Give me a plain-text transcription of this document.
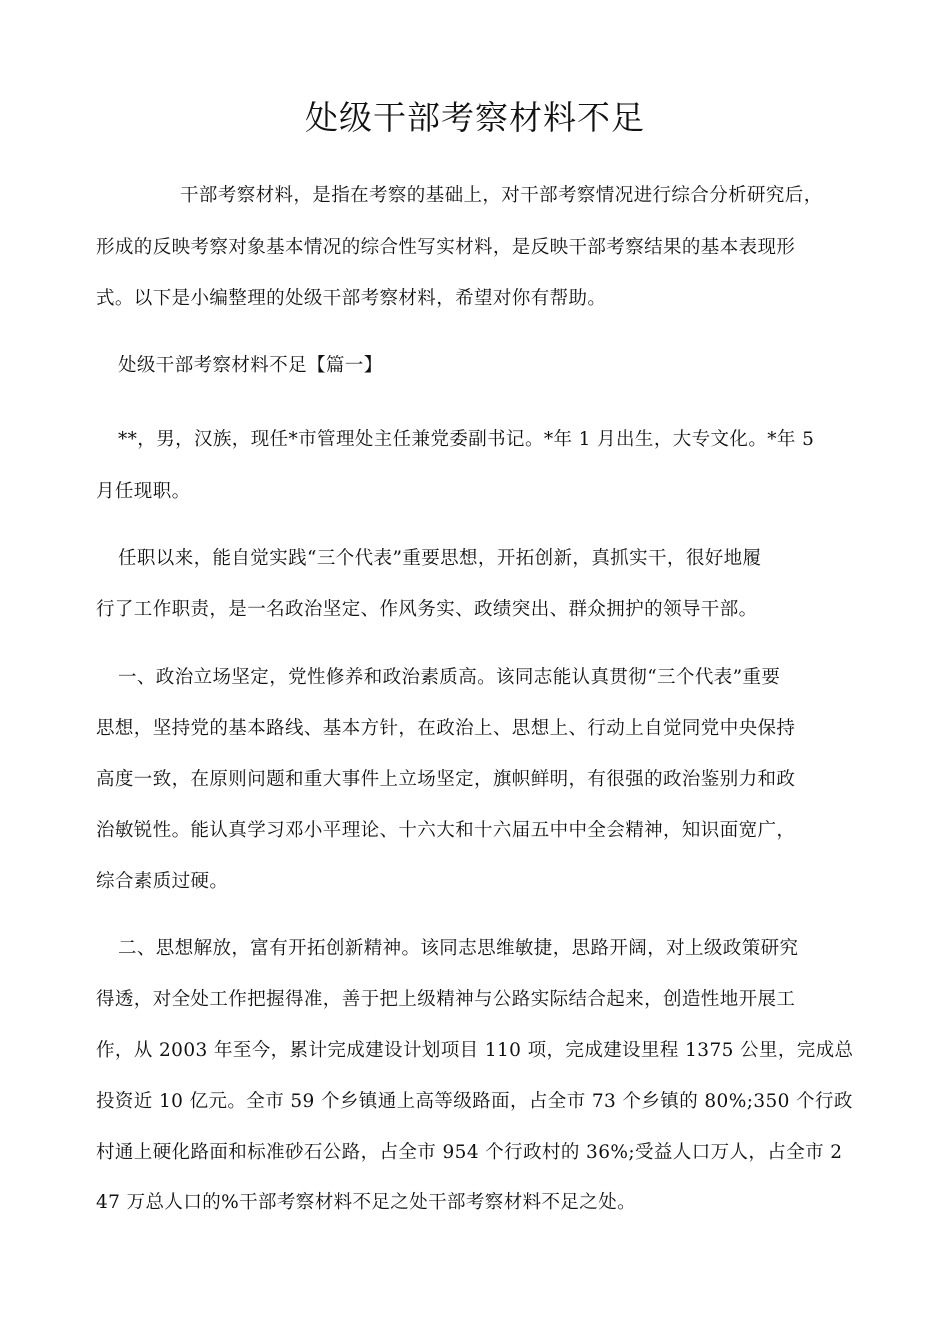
处级干部考察材料不足
干部考察材料，是指在考察的基础上，对干部考察情况进行综合分析研究后，
形成的反映考察对象基本情况的综合性写实材料，是反映干部考察结果的基本表现形
式。以下是小编整理的处级干部考察材料，希望对你有帮助。
处级干部考察材料不足【篇一】
**，男，汉族，现任*市管理处主任兼党委副书记。*年 1 月出生，大专文化。*年 5
月任现职。
任职以来，能自觉实践“三个代表”重要思想，开拓创新，真抓实干，很好地履
行了工作职责，是一名政治坚定、作风务实、政绩突出、群众拥护的领导干部。
一、政治立场坚定，党性修养和政治素质高。该同志能认真贯彻“三个代表”重要
思想，坚持党的基本路线、基本方针，在政治上、思想上、行动上自觉同党中央保持
高度一致，在原则问题和重大事件上立场坚定，旗帜鲜明，有很强的政治鉴别力和政
治敏锐性。能认真学习邓小平理论、十六大和十六届五中中全会精神，知识面宽广，
综合素质过硬。
二、思想解放，富有开拓创新精神。该同志思维敏捷，思路开阔，对上级政策研究
得透，对全处工作把握得准，善于把上级精神与公路实际结合起来，创造性地开展工
作，从 2003 年至今，累计完成建设计划项目 110 项，完成建设里程 1375 公里，完成总
投资近 10 亿元。全市 59 个乡镇通上高等级路面，占全市 73 个乡镇的 80%;350 个行政
村通上硬化路面和标准砂石公路，占全市 954 个行政村的 36%;受益人口万人，占全市 2
47 万总人口的%干部考察材料不足之处干部考察材料不足之处。
